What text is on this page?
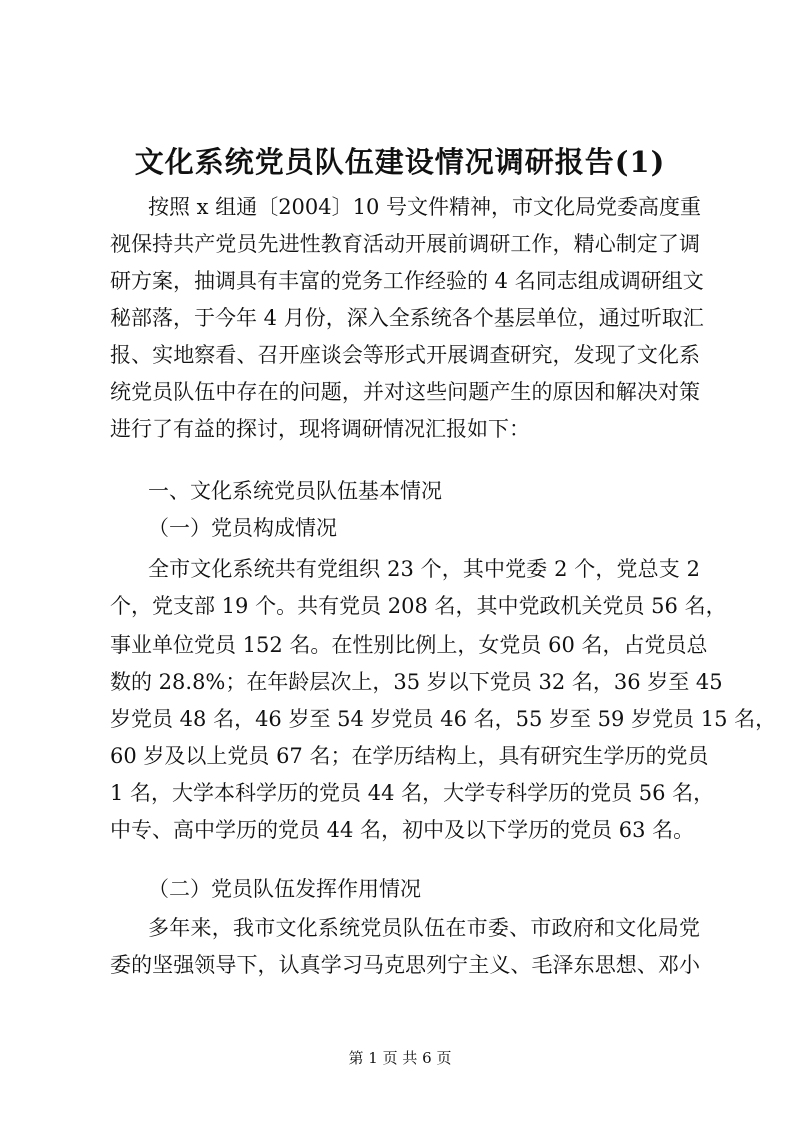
文化系统党员队伍建设情况调研报告(1)
按照 x 组通〔2004〕10 号文件精神，市文化局党委高度重
视保持共产党员先进性教育活动开展前调研工作，精心制定了调
研方案，抽调具有丰富的党务工作经验的 4 名同志组成调研组文
秘部落，于今年 4 月份，深入全系统各个基层单位，通过听取汇
报、实地察看、召开座谈会等形式开展调查研究，发现了文化系
统党员队伍中存在的问题，并对这些问题产生的原因和解决对策
进行了有益的探讨，现将调研情况汇报如下：
一、文化系统党员队伍基本情况
（一）党员构成情况
全市文化系统共有党组织 23 个，其中党委 2 个，党总支 2
个，党支部 19 个。共有党员 208 名，其中党政机关党员 56 名，
事业单位党员 152 名。在性别比例上，女党员 60 名，占党员总
数的 28.8%；在年龄层次上，35 岁以下党员 32 名，36 岁至 45
岁党员 48 名，46 岁至 54 岁党员 46 名，55 岁至 59 岁党员 15 名，
60 岁及以上党员 67 名；在学历结构上，具有研究生学历的党员
1 名，大学本科学历的党员 44 名，大学专科学历的党员 56 名，
中专、高中学历的党员 44 名，初中及以下学历的党员 63 名。
（二）党员队伍发挥作用情况
多年来，我市文化系统党员队伍在市委、市政府和文化局党
委的坚强领导下，认真学习马克思列宁主义、毛泽东思想、邓小
第 1 页 共 6 页
